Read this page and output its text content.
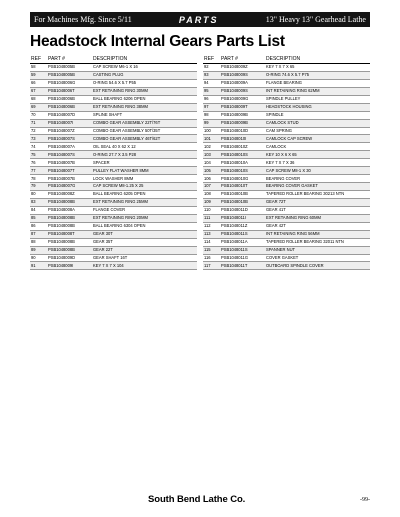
For Machines Mfg. Since 5/11	PARTS	13" Heavy 13" Gearhead Lathe
Headstock Internal Gears Parts List
REF	PART #	DESCRIPTION
58	PSB1048005B	CAP SCREW M6-1 X 16
59	PSB1048005B	CASTING PLUG
66	PSB1048006G	O-RING 54.6 X 5.7 P55
67	PSB1048006T	EXT RETAINING RING 30MM
68	PSB1048006B	BALL BEARING 6206 OPEN
69	PSB1048006B	EXT RETAINING RING 38MM
70	PSB1048007D	SPLINE SHAFT
71	PSB1048007I	COMBO GEAR ASSEMBLY 22T/76T
72	PSB1048007Z	COMBO GEAR ASSEMBLY 50T/35T
73	PSB1048007S	COMBO GEAR ASSEMBLY 46T/62T
74	PSB1048007A	OIL SEAL 40 X 62 X 12
75	PSB1048007S	O-RING 27.7 X 3.5 P28
76	PSB1048007B	SPACER
77	PSB1048007T	PULLEY FLAT WASHER 8MM
78	PSB1048007B	LOCK WASHER 8MM
79	PSB1048007G	CAP SCREW M8-1.25 X 25
80	PSB1048008Z	BALL BEARING 6205 OPEN
83	PSB1048008B	EXT RETAINING RING 25MM
84	PSB1048008A	FLANGE COVER
85	PSB1048008B	EXT RETAINING RING 20MM
86	PSB1048008B	BALL BEARING 6304 OPEN
87	PSB1048008T	GEAR 30T
88	PSB1048008B	GEAR 35T
89	PSB1048008B	GEAR 22T
90	PSB1048009D	GEAR SHAFT 16T
91	PSB1048009I	KEY 7 X 7 X 104
REF	PART #	DESCRIPTION
92	PSB1048009Z	KEY 7 X 7 X 65
93	PSB1048009S	O-RING 74.6 X 5.7 P75
94	PSB1048009A	FLANGE BEARING
95	PSB1048009S	INT RETAINING RING 62MM
96	PSB1048009G	SPINDLE PULLEY
97	PSB1048009T	HEADSTOCK HOUSING
98	PSB1048009B	SPINDLE
99	PSB1048009B	CAMLOCK STUD
100	PSB1048010D	CAM SPRING
101	PSB1048010I	CAMLOCK CAP SCREW
102	PSB1048010Z	CAMLOCK
103	PSB1048010S	KEY 10 X 6 X 65
104	PSB1048010A	KEY 7 X 7 X 36
105	PSB1048010S	CAP SCREW M8-1 X 30
106	PSB1048010G	BEARING COVER
107	PSB1048010T	BEARING COVER GASKET
108	PSB1048010B	TAPERED ROLLER BEARING 30213 NTN
109	PSB1048010B	GEAR 72T
110	PSB1048011D	GEAR 41T
111	PSB1048011I	EXT RETAINING RING 60MM
112	PSB1048011Z	GEAR 42T
113	PSB1048011S	INT RETAINING RING 56MM
114	PSB1048011A	TAPERED ROLLER BEARING 32011 NTN
115	PSB1048011S	SPANNER NUT
116	PSB1048011G	COVER GASKET
117	PSB1048011T	OUTBOARD SPINDLE COVER
South Bend Lathe Co.	-99-
